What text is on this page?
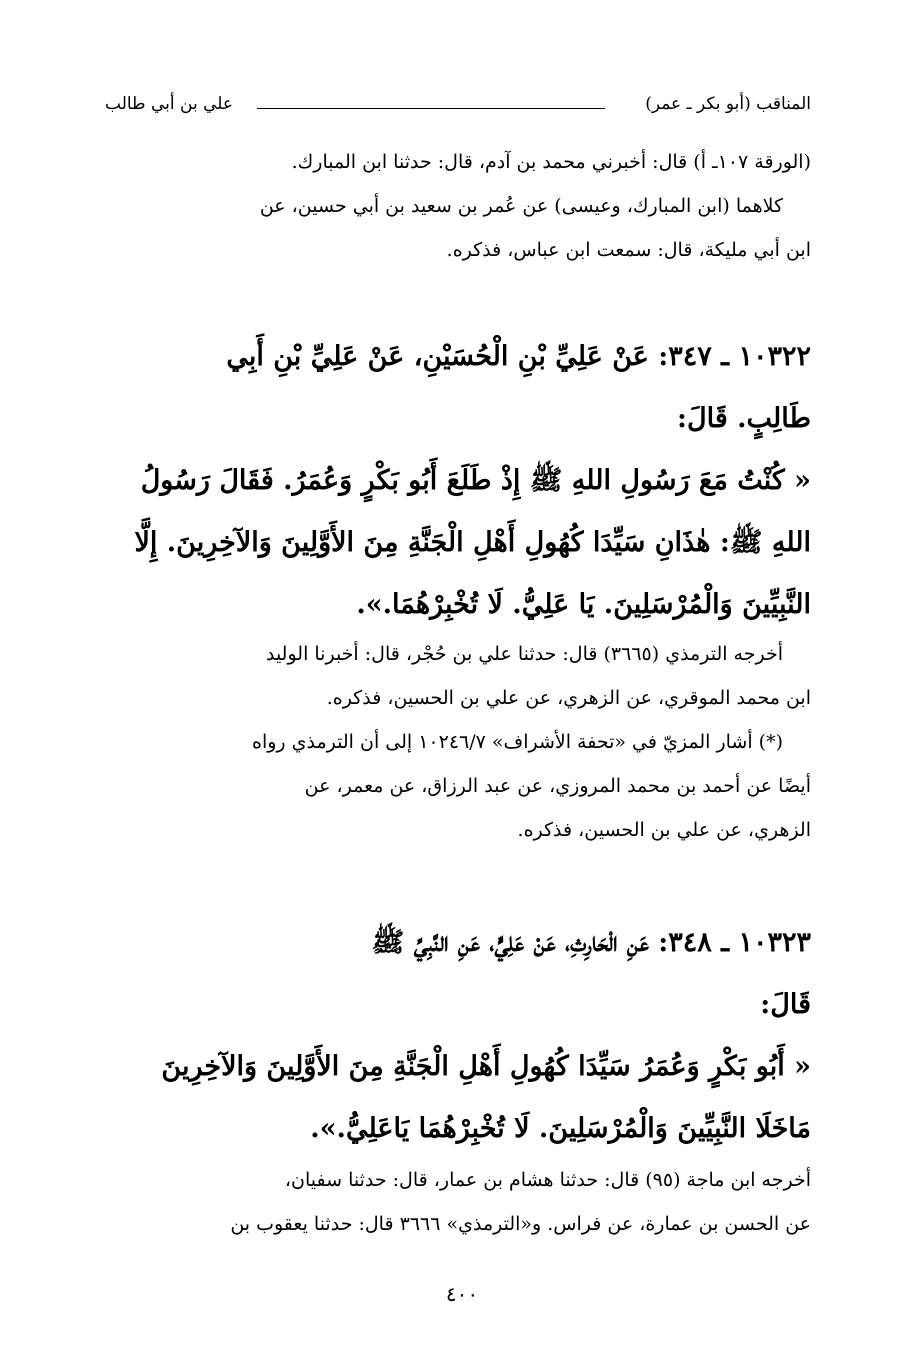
المناقب (أبو بكر ـ عمر)
علي بن أبي طالب
(الورقة ١٠٧ـ أ) قال: أخبرني محمد بن آدم، قال: حدثنا ابن المبارك.
كلاهما (ابن المبارك، وعيسى) عن عُمر بن سعيد بن أبي حسين، عن
ابن أبي مليكة، قال: سمعت ابن عباس، فذكره.
١٠٣٢٢ ـ ٣٤٧: عَنْ عَلِيِّ بْنِ الْحُسَيْنِ، عَنْ عَلِيِّ بْنِ أَبِي
طَالِبٍ. قَالَ:
« كُنْتُ مَعَ رَسُولِ اللهِ ﷺ إِذْ طَلَعَ أَبُو بَكْرٍ وَعُمَرُ. فَقَالَ رَسُولُ
اللهِ ﷺ: هٰذَانِ سَيِّدَا كُهُولِ أَهْلِ الْجَنَّةِ مِنَ الأَوَّلِينَ وَالآخِرِينَ. إِلَّا
النَّبِيِّينَ وَالْمُرْسَلِينَ. يَا عَلِيُّ. لَا تُخْبِرْهُمَا.».
أخرجه الترمذي (٣٦٦٥) قال: حدثنا علي بن حُجْر، قال: أخبرنا الوليد
ابن محمد الموقري، عن الزهري، عن علي بن الحسين، فذكره.
(*) أشار المزيّ في «تحفة الأشراف» ١٠٢٤٦/٧ إلى أن الترمذي رواه
أيضًا عن أحمد بن محمد المروزي، عن عبد الرزاق، عن معمر، عن
الزهري، عن علي بن الحسين، فذكره.
١٠٣٢٣ ـ ٣٤٨: عَنِ الْحَارِثِ، عَنْ عَلِيٍّ، عَنِ النَّبِيِّ ﷺ
قَالَ:
« أَبُو بَكْرٍ وَعُمَرُ سَيِّدَا كُهُولِ أَهْلِ الْجَنَّةِ مِنَ الأَوَّلِينَ وَالآخِرِينَ
مَاخَلَا النَّبِيِّينَ وَالْمُرْسَلِينَ. لَا تُخْبِرْهُمَا يَاعَلِيُّ.».
أخرجه ابن ماجة (٩٥) قال: حدثنا هشام بن عمار، قال: حدثنا سفيان،
عن الحسن بن عمارة، عن فراس. و«الترمذي» ٣٦٦٦ قال: حدثنا يعقوب بن
٤٠٠
